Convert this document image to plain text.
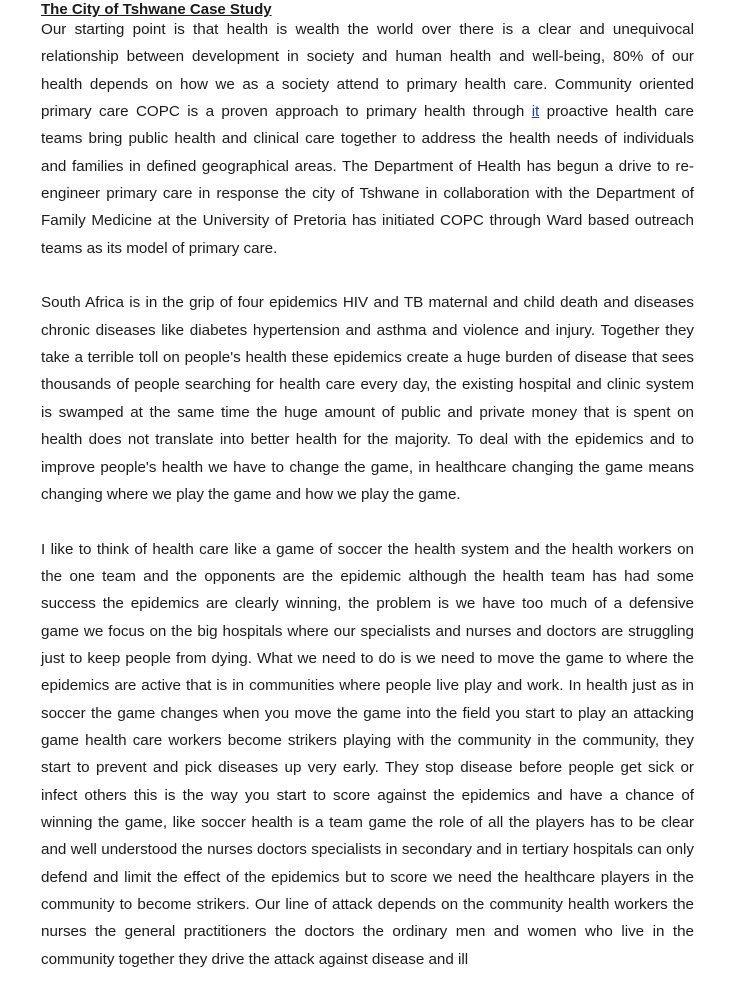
The City of Tshwane Case Study

Our starting point is that health is wealth the world over there is a clear and unequivocal relationship between development in society and human health and well-being, 80% of our health depends on how we as a society attend to primary health care. Community oriented primary care COPC is a proven approach to primary health through it proactive health care teams bring public health and clinical care together to address the health needs of individuals and families in defined geographical areas. The Department of Health has begun a drive to re-engineer primary care in response the city of Tshwane in collaboration with the Department of Family Medicine at the University of Pretoria has initiated COPC through Ward based outreach teams as its model of primary care.

South Africa is in the grip of four epidemics HIV and TB maternal and child death and diseases chronic diseases like diabetes hypertension and asthma and violence and injury. Together they take a terrible toll on people's health these epidemics create a huge burden of disease that sees thousands of people searching for health care every day, the existing hospital and clinic system is swamped at the same time the huge amount of public and private money that is spent on health does not translate into better health for the majority. To deal with the epidemics and to improve people's health we have to change the game, in healthcare changing the game means changing where we play the game and how we play the game.

I like to think of health care like a game of soccer the health system and the health workers on the one team and the opponents are the epidemic although the health team has had some success the epidemics are clearly winning, the problem is we have too much of a defensive game we focus on the big hospitals where our specialists and nurses and doctors are struggling just to keep people from dying. What we need to do is we need to move the game to where the epidemics are active that is in communities where people live play and work. In health just as in soccer the game changes when you move the game into the field you start to play an attacking game health care workers become strikers playing with the community in the community, they start to prevent and pick diseases up very early. They stop disease before people get sick or infect others this is the way you start to score against the epidemics and have a chance of winning the game, like soccer health is a team game the role of all the players has to be clear and well understood the nurses doctors specialists in secondary and in tertiary hospitals can only defend and limit the effect of the epidemics but to score we need the healthcare players in the community to become strikers. Our line of attack depends on the community health workers the nurses the general practitioners the doctors the ordinary men and women who live in the community together they drive the attack against disease and ill
